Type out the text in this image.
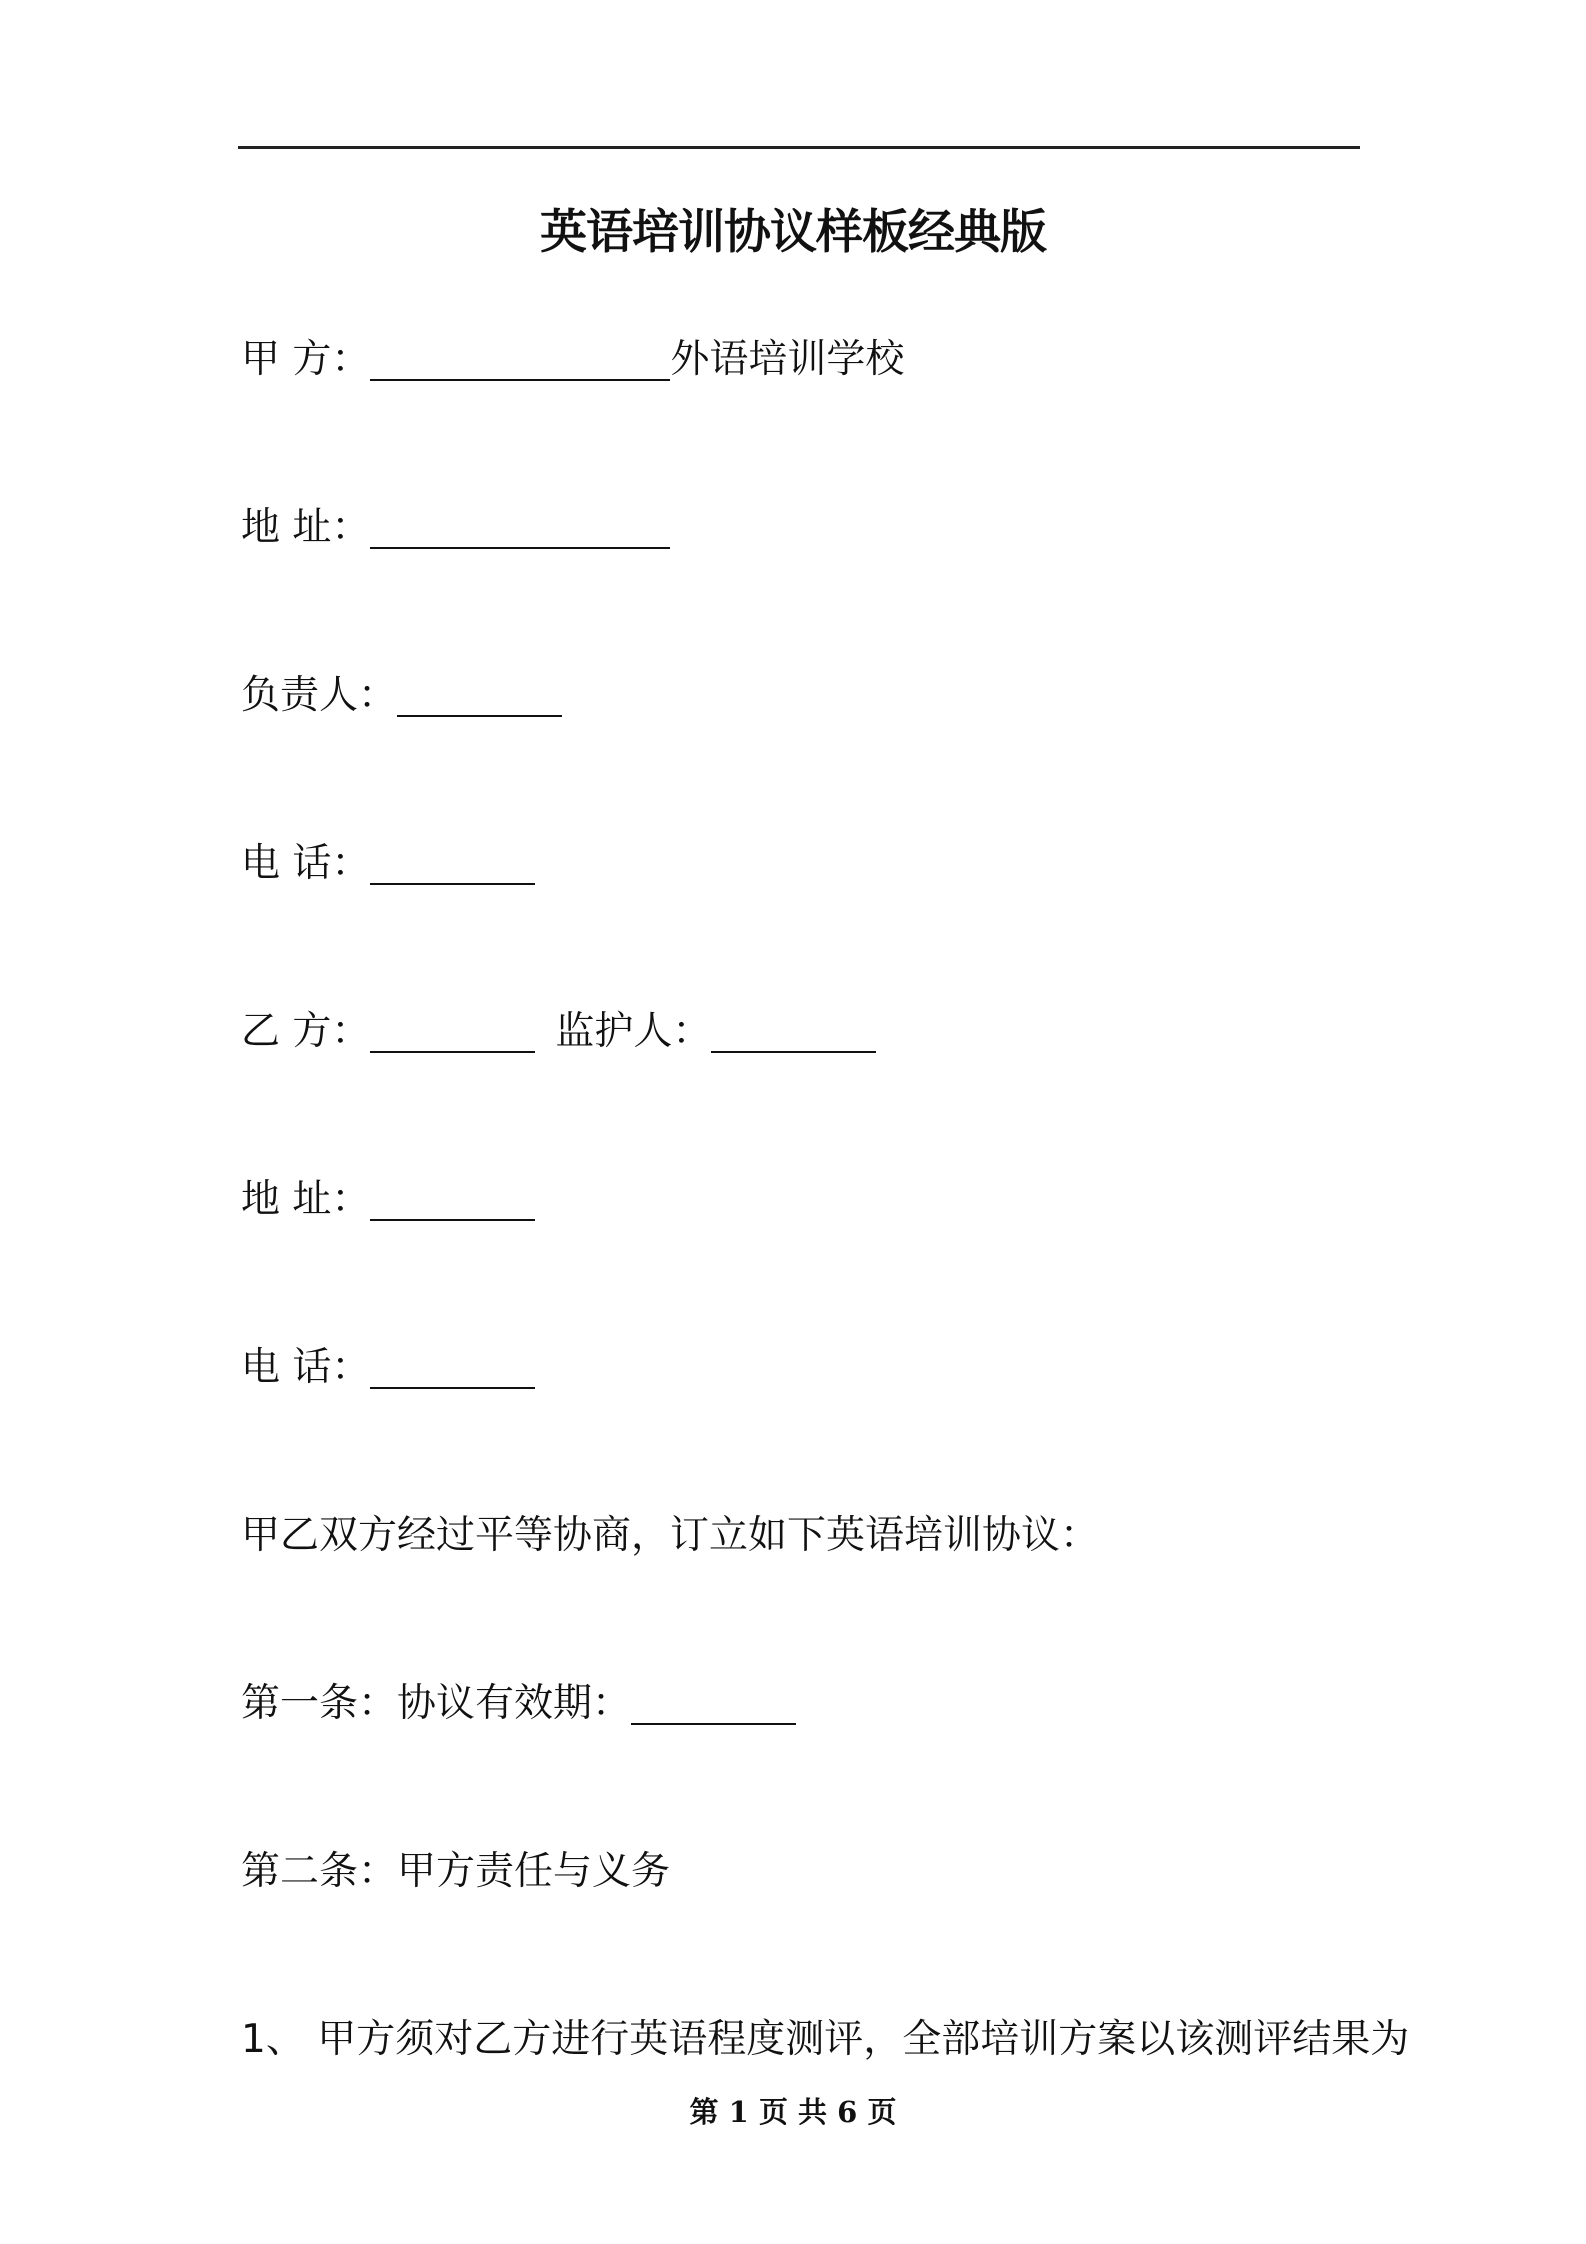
英语培训协议样板经典版
甲 方：	外语培训学校
地 址：
负责人：
电 话：
乙 方：	监护人：
地 址：
电 话：
甲乙双方经过平等协商，订立如下英语培训协议：
第一条：协议有效期：
第二条：甲方责任与义务
1、 甲方须对乙方进行英语程度测评，全部培训方案以该测评结果为
第 1 页 共 6 页
